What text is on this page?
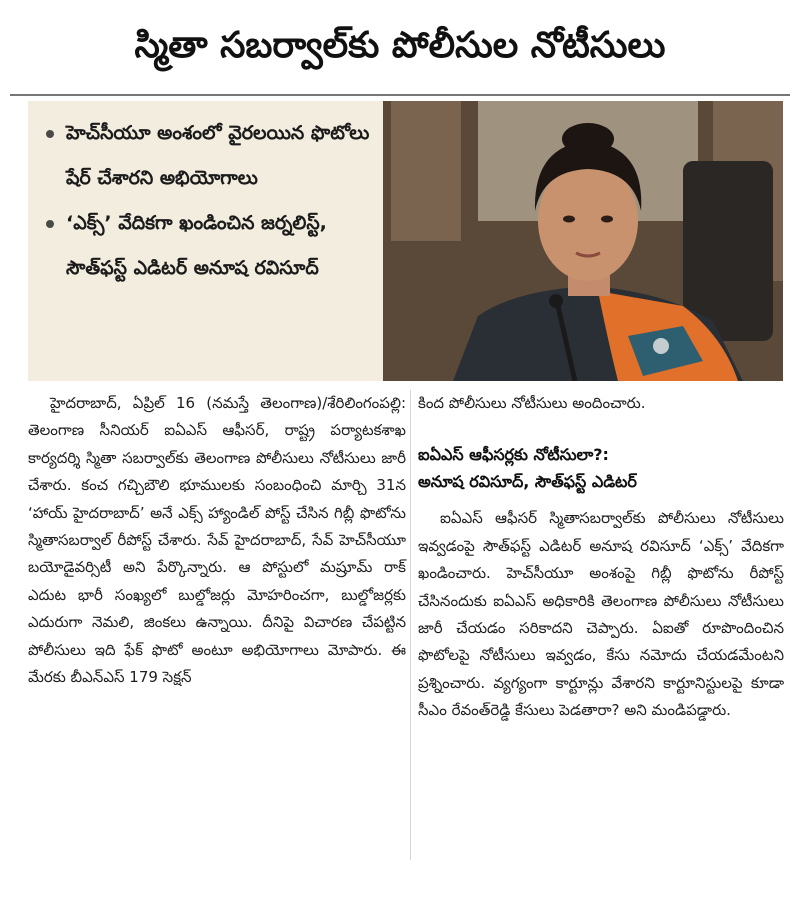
స్మితా సబర్వాల్‌కు పోలీసుల నోటీసులు
హెచ్‌సీయూ అంశంలో వైరలయిన ఫొటోలు షేర్ చేశారని అభియోగాలు
‘ఎక్స్’ వేదికగా ఖండించిన జర్నలిస్ట్, సౌత్‌ఫస్ట్ ఎడిటర్ అనూష రవిసూద్

హైదరాబాద్, ఏప్రిల్ 16 (నమస్తే తెలంగాణ)/శేరిలింగంపల్లి: తెలంగాణ సీనియర్ ఐఏఎస్ ఆఫీసర్, రాష్ట్ర పర్యాటకశాఖ కార్యదర్శి స్మితా సబర్వాల్‌కు తెలంగాణ పోలీసులు నోటీసులు జారీ చేశారు. కంచ గచ్చిబౌలి భూములకు సంబంధించి మార్చి 31న ‘హాయ్ హైదరాబాద్’ అనే ఎక్స్ హ్యాండిల్ పోస్ట్ చేసిన గిబ్లీ ఫొటోను స్మితాసబర్వాల్ రీపోస్ట్ చేశారు. సేవ్ హైదరాబాద్, సేవ్ హెచ్‌సీయూ బయోడైవర్సిటీ అని పేర్కొన్నారు. ఆ పోస్టులో మష్రూమ్ రాక్ ఎదుట భారీ సంఖ్యలో బుల్డోజర్లు మోహరించగా, బుల్డోజర్లకు ఎదురుగా నెమలి, జింకలు ఉన్నాయి. దీనిపై విచారణ చేపట్టిన పోలీసులు ఇది ఫేక్ ఫొటో అంటూ అభియోగాలు మోపారు. ఈ మేరకు బీఎన్ఎస్ 179 సెక్షన్

కింద పోలీసులు నోటీసులు అందించారు.

ఐఏఎస్ ఆఫీసర్లకు నోటీసులా?:
అనూష రవిసూద్, సౌత్‌ఫస్ట్ ఎడిటర్

ఐఏఎస్ ఆఫీసర్ స్మితాసబర్వాల్‌కు పోలీసులు నోటీసులు ఇవ్వడంపై సౌత్‌ఫస్ట్ ఎడిటర్ అనూష రవిసూద్ ‘ఎక్స్’ వేదికగా ఖండించారు. హెచ్‌సీయూ అంశంపై గిబ్లీ ఫొటోను రీపోస్ట్ చేసినందుకు ఐఏఎస్ అధికారికి తెలంగాణ పోలీసులు నోటీసులు జారీ చేయడం సరికాదని చెప్పారు. ఏఐతో రూపొందించిన ఫొటోలపై నోటీసులు ఇవ్వడం, కేసు నమోదు చేయడమేంటని ప్రశ్నించారు. వ్యగ్యంగా కార్టూన్లు వేశారని కార్టూనిస్టులపై కూడా సీఎం రేవంత్‌రెడ్డి కేసులు పెడతారా? అని మండిపడ్డారు.
